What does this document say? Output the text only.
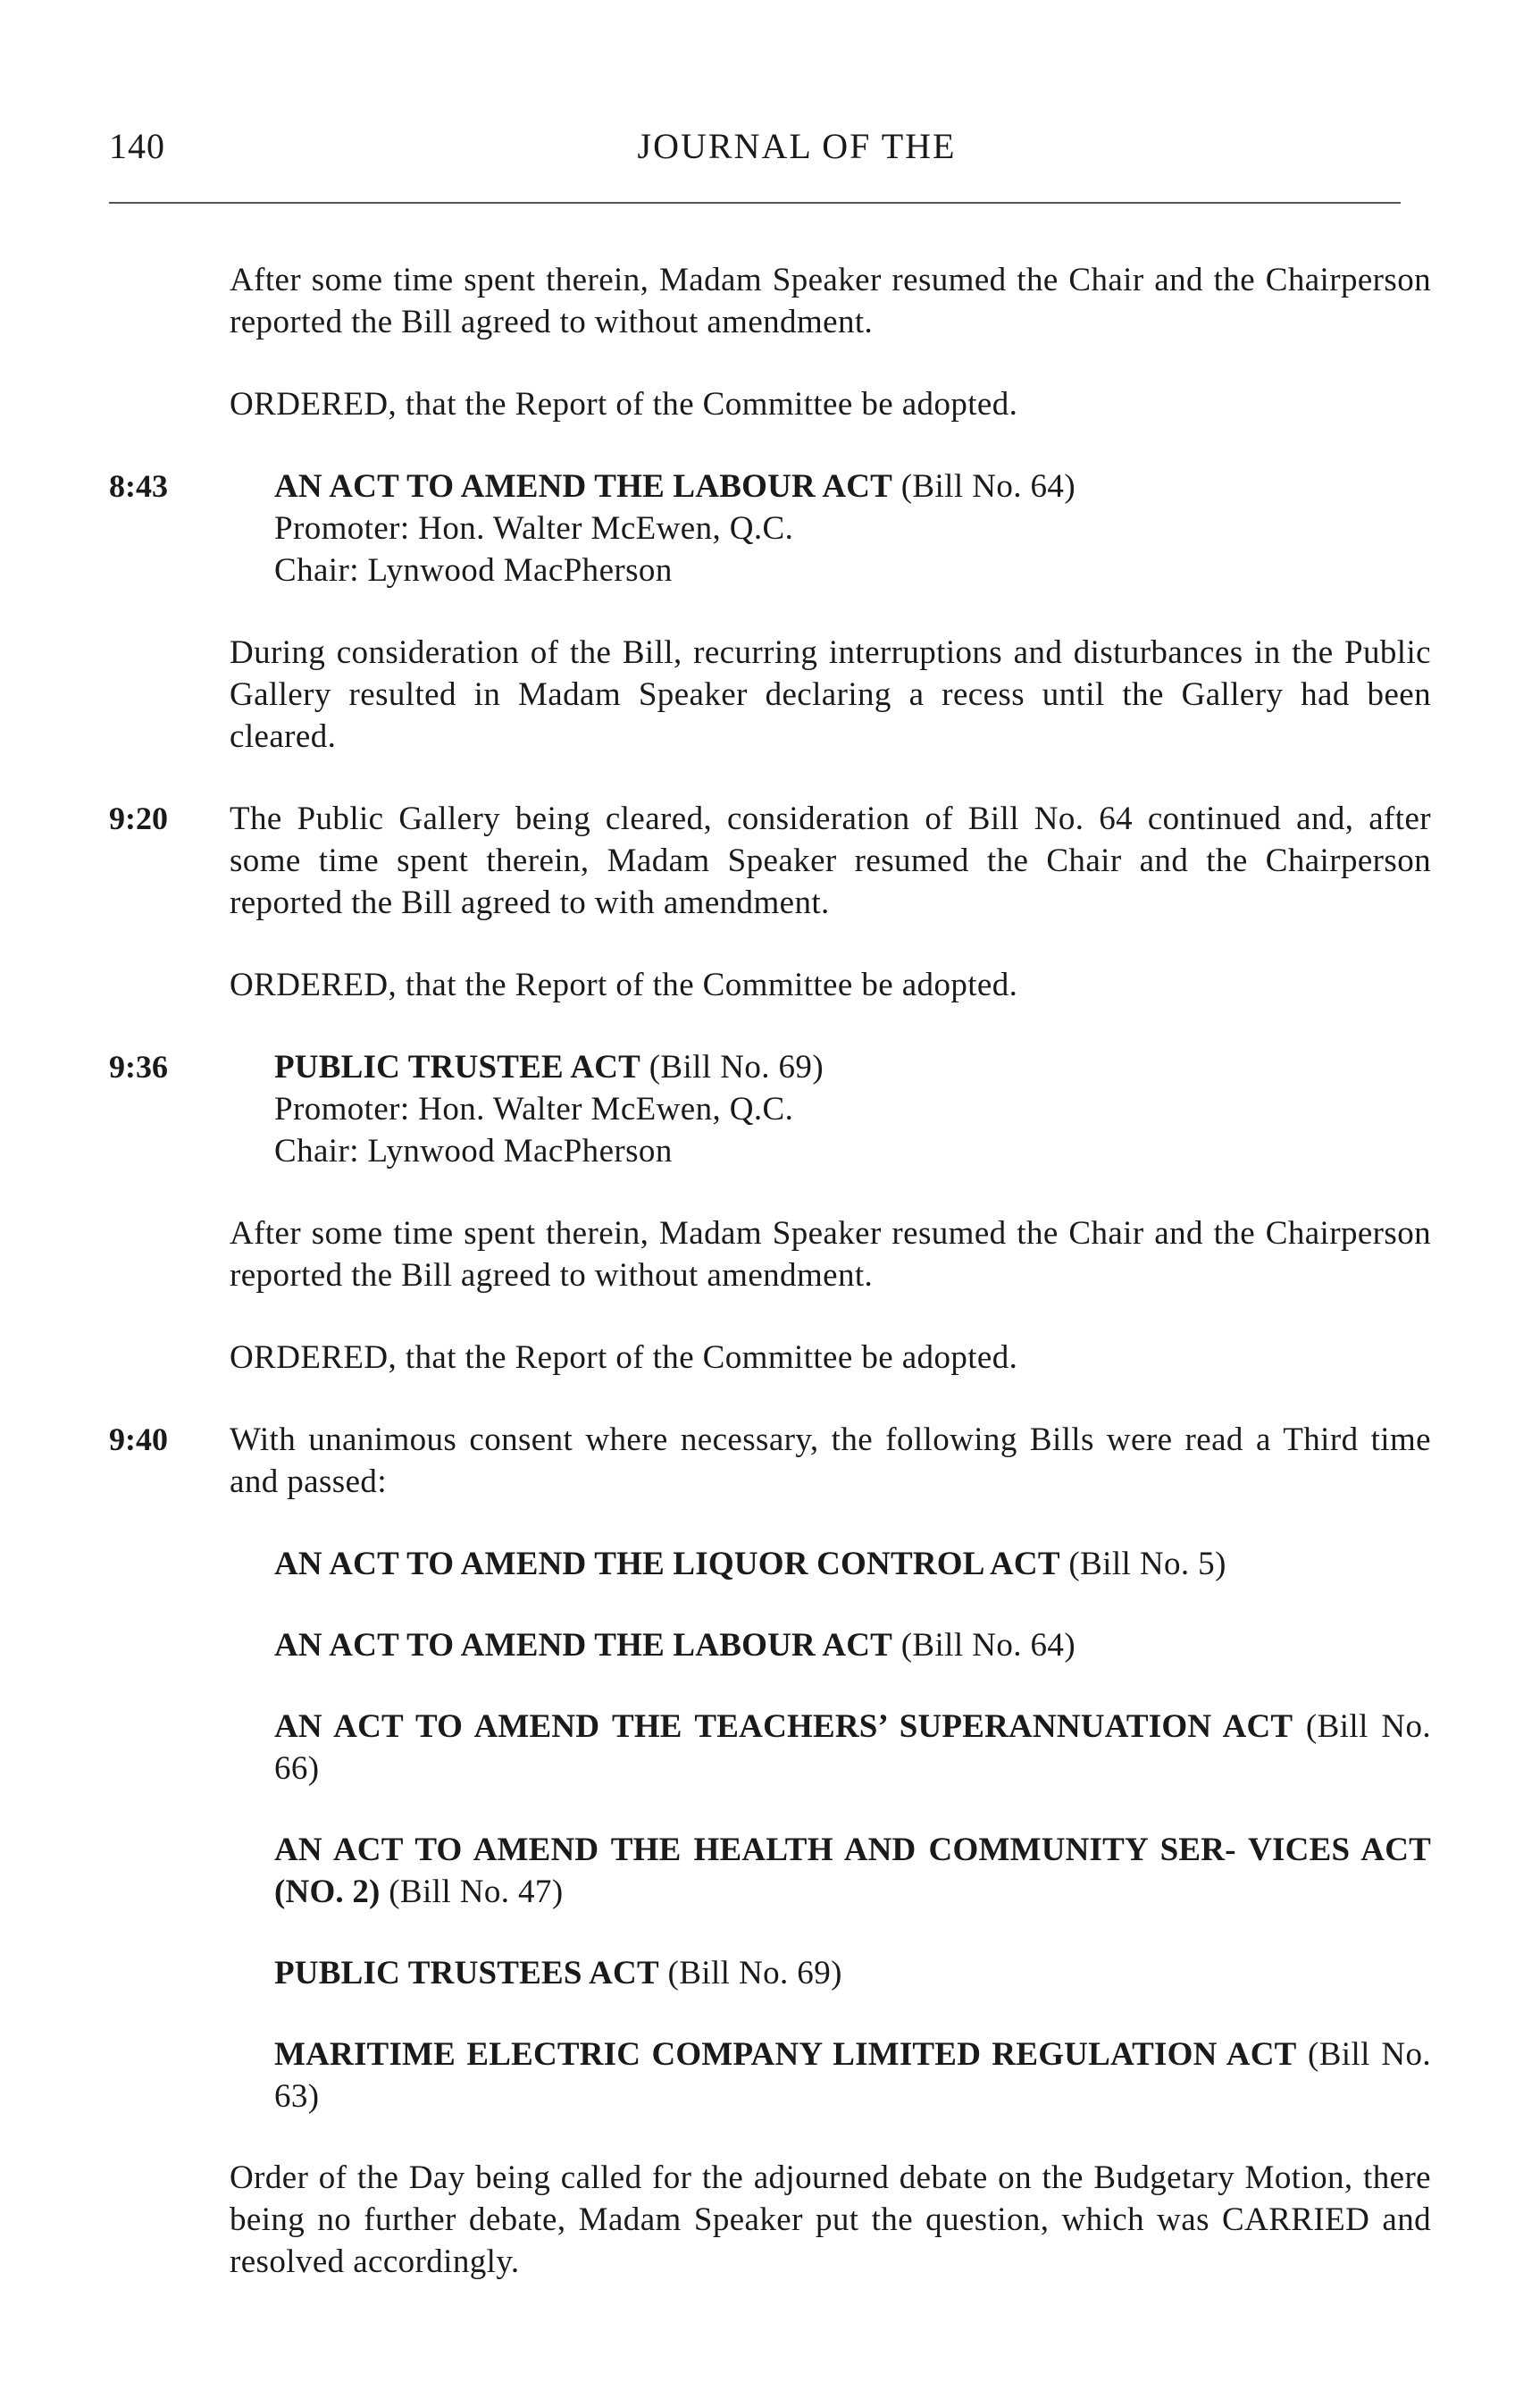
140	JOURNAL OF THE
After some time spent therein, Madam Speaker resumed the Chair and the Chairperson reported the Bill agreed to without amendment.
ORDERED, that the Report of the Committee be adopted.
8:43	AN ACT TO AMEND THE LABOUR ACT (Bill No. 64)
Promoter: Hon. Walter McEwen, Q.C.
Chair: Lynwood MacPherson
During consideration of the Bill, recurring interruptions and disturbances in the Public Gallery resulted in Madam Speaker declaring a recess until the Gallery had been cleared.
9:20 The Public Gallery being cleared, consideration of Bill No. 64 continued and, after some time spent therein, Madam Speaker resumed the Chair and the Chairperson reported the Bill agreed to with amendment.
ORDERED, that the Report of the Committee be adopted.
9:36	PUBLIC TRUSTEE ACT (Bill No. 69)
Promoter: Hon. Walter McEwen, Q.C.
Chair: Lynwood MacPherson
After some time spent therein, Madam Speaker resumed the Chair and the Chairperson reported the Bill agreed to without amendment.
ORDERED, that the Report of the Committee be adopted.
9:40 With unanimous consent where necessary, the following Bills were read a Third time and passed:
AN ACT TO AMEND THE LIQUOR CONTROL ACT (Bill No. 5)
AN ACT TO AMEND THE LABOUR ACT (Bill No. 64)
AN ACT TO AMEND THE TEACHERS’ SUPERANNUATION ACT (Bill No. 66)
AN ACT TO AMEND THE HEALTH AND COMMUNITY SER- VICES ACT (NO. 2) (Bill No. 47)
PUBLIC TRUSTEES ACT (Bill No. 69)
MARITIME ELECTRIC COMPANY LIMITED REGULATION ACT (Bill No. 63)
Order of the Day being called for the adjourned debate on the Budgetary Motion, there being no further debate, Madam Speaker put the question, which was CARRIED and resolved accordingly.
